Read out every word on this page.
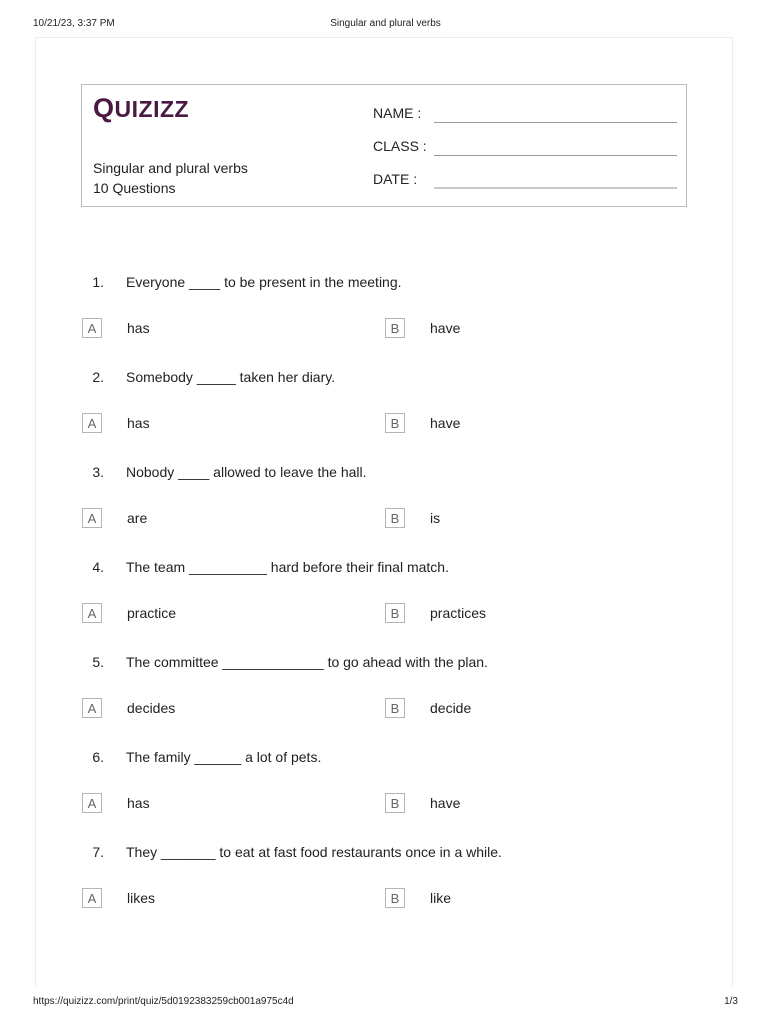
10/21/23, 3:37 PM	Singular and plural verbs
QUIZIZZ
Singular and plural verbs
10 Questions
NAME :
CLASS :
DATE :
1. Everyone ____ to be present in the meeting.
A	has	B	have
2. Somebody _____ taken her diary.
A	has	B	have
3. Nobody ____ allowed to leave the hall.
A	are	B	is
4. The team __________ hard before their final match.
A	practice	B	practices
5. The committee _____________ to go ahead with the plan.
A	decides	B	decide
6. The family ______ a lot of pets.
A	has	B	have
7. They _______ to eat at fast food restaurants once in a while.
A	likes	B	like
https://quizizz.com/print/quiz/5d0192383259cb001a975c4d	1/3
